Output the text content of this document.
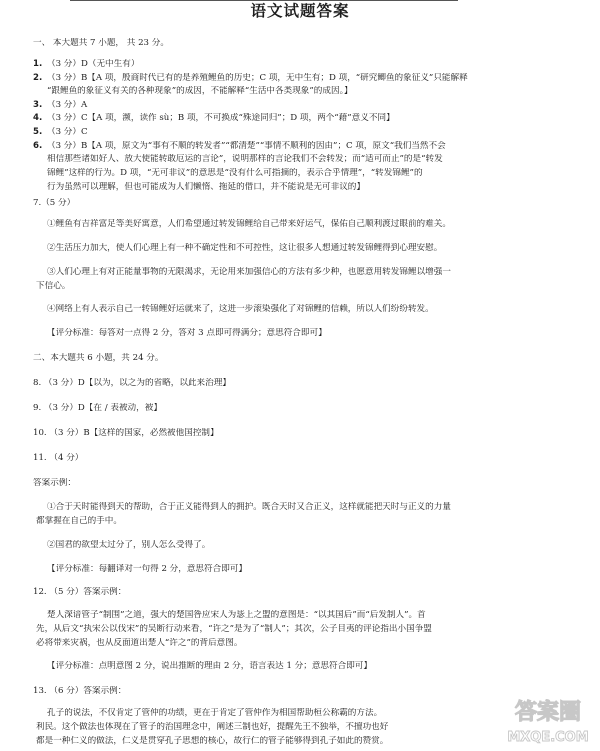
语文试题答案
一、 本大题共 7 小题， 共 23 分。
1. （3 分）D（无中生有）
2. （3 分）B【A 项，殷商时代已有的是养殖鲤鱼的历史；C 项，无中生有；D 项，“研究鲫鱼的象征义”只能解释
“跟鲤鱼的象征义有关的各种现象”的成因，不能解释“生活中各类现象”的成因。】
3. （3 分）A
4. （3 分）C【A 项，濒，读作 sù；B 项，不可换成“殊途同归”；D 项，两个“藉”意义不同】
5. （3 分）C
6. （3 分）B【A 项，原文为“事有不顺的转发者”“都清楚”“事情不顺利的因由”；C 项，原文“我们当然不会
相信那些诸如好人、放大使能转敢厄运的言论”，说明那样的言论我们不会转发；而“适可而止”的是“转发
锦鲤”这样的行为。D 项，“无可非议”的意思是“没有什么可指摘的，表示合乎情理”，“转发锦鲤”的
行为虽然可以理解，但也可能成为人们懒惰、拖延的借口，并不能说是无可非议的】
7.（5 分）
①鲤鱼有吉祥富足等美好寓意，人们希望通过转发锦鲤给自己带来好运气，保佑自己顺利渡过眼前的难关。
②生活压力加大，使人们心理上有一种不确定性和不可控性，这让很多人想通过转发锦鲤得到心理安慰。
③人们心理上有对正能量事物的无限渴求，无论用来加强信心的方法有多少种，也愿意用转发锦鲤以增强一
下信心。
④网络上有人表示自己一转锦鲤好运就来了，这进一步滚染强化了对锦鲤的信赖，所以人们纷纷转发。
【评分标准：每答对一点得 2 分，答对 3 点即可得满分；意思符合即可】
二、本大题共 6 小题，共 24 分。
8. （3 分）D【以为，以之为的省略，以此来治理】
9. （3 分）D【在 / 表被动，被】
10. （3 分）B【这样的国家，必然被他国控制】
11. （4 分）
答案示例：
①合于天时能得到天的帮助，合于正义能得到人的拥护。既合天时又合正义，这样就能把天时与正义的力量
都掌握在自己的手中。
②国君的欲望太过分了，别人怎么受得了。
【评分标准：每翻译对一句得 2 分，意思符合即可】
12. （5 分）答案示例：
楚人深谙管子“制围”之道，强大的楚国咎应宋人为毖上之盟的意图是：“以其国后”而“后发制人”。首
先，从后文“执宋公以伐宋”的吴断行动来看，“许之”是为了“制人”；其次，公子目夷的评论指出小国争盟
必将带来灾祸，也从反面道出楚人“许之”的背后意图。
【评分标准：点明意图 2 分，说出推断的理由 2 分，语言表达 1 分；意思符合即可】
13. （6 分）答案示例：
孔子的说法，不仅肯定了管仲的功绩，更在于肯定了管仲作为相国帮助桓公称霸的方法。
利民。这个做法也体现在了管子的治国理念中，阐述三制也好，提醒先王不独举，不擅功也好
都是一种仁义的做法，仁义是贯穿孔子思想的核心，故行仁的管子能够得到孔子如此的赞赏。
答案圈
MXQE.COM
